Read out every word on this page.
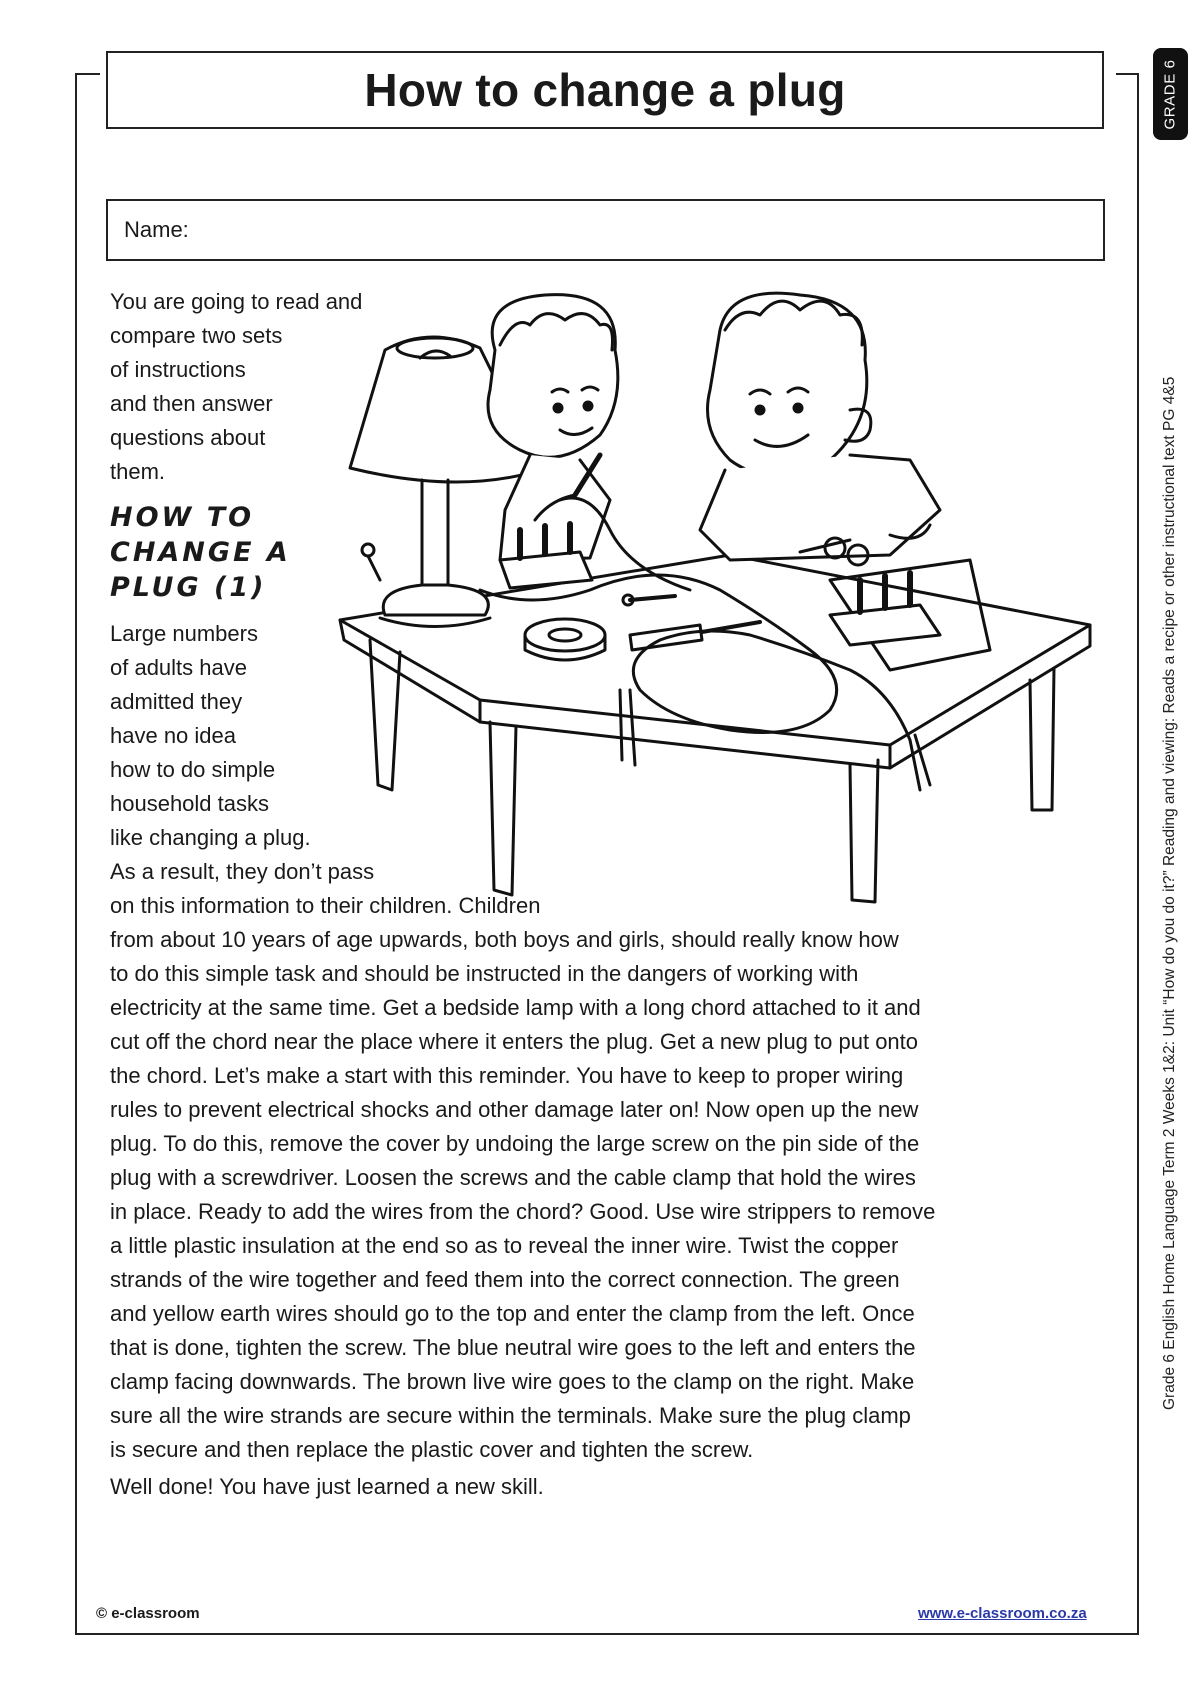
How to change a plug	GRADE 6
Grade 6 English Home Language Term 2 Weeks 1&2: Unit “How do you do it?” Reading and viewing: Reads a recipe or other instructional text PG 4&5
Name:
You are going to read and
compare two sets
of instructions
and then answer
questions about
them.
HOW TO
CHANGE A
PLUG (1)
Large numbers
of adults have
admitted they
have no idea
how to do simple
household tasks
like changing a plug.
As a result, they don’t pass
on this information to their children. Children
from about 10 years of age upwards, both boys and girls, should really know how
to do this simple task and should be instructed in the dangers of working with
electricity at the same time. Get a bedside lamp with a long chord attached to it and
cut off the chord near the place where it enters the plug. Get a new plug to put onto
the chord. Let’s make a start with this reminder. You have to keep to proper wiring
rules to prevent electrical shocks and other damage later on! Now open up the new
plug. To do this, remove the cover by undoing the large screw on the pin side of the
plug with a screwdriver. Loosen the screws and the cable clamp that hold the wires
in place. Ready to add the wires from the chord? Good. Use wire strippers to remove
a little plastic insulation at the end so as to reveal the inner wire. Twist the copper
strands of the wire together and feed them into the correct connection. The green
and yellow earth wires should go to the top and enter the clamp from the left. Once
that is done, tighten the screw. The blue neutral wire goes to the left and enters the
clamp facing downwards. The brown live wire goes to the clamp on the right. Make
sure all the wire strands are secure within the terminals. Make sure the plug clamp
is secure and then replace the plastic cover and tighten the screw.
Well done! You have just learned a new skill.
© e-classroom	www.e-classroom.co.za
